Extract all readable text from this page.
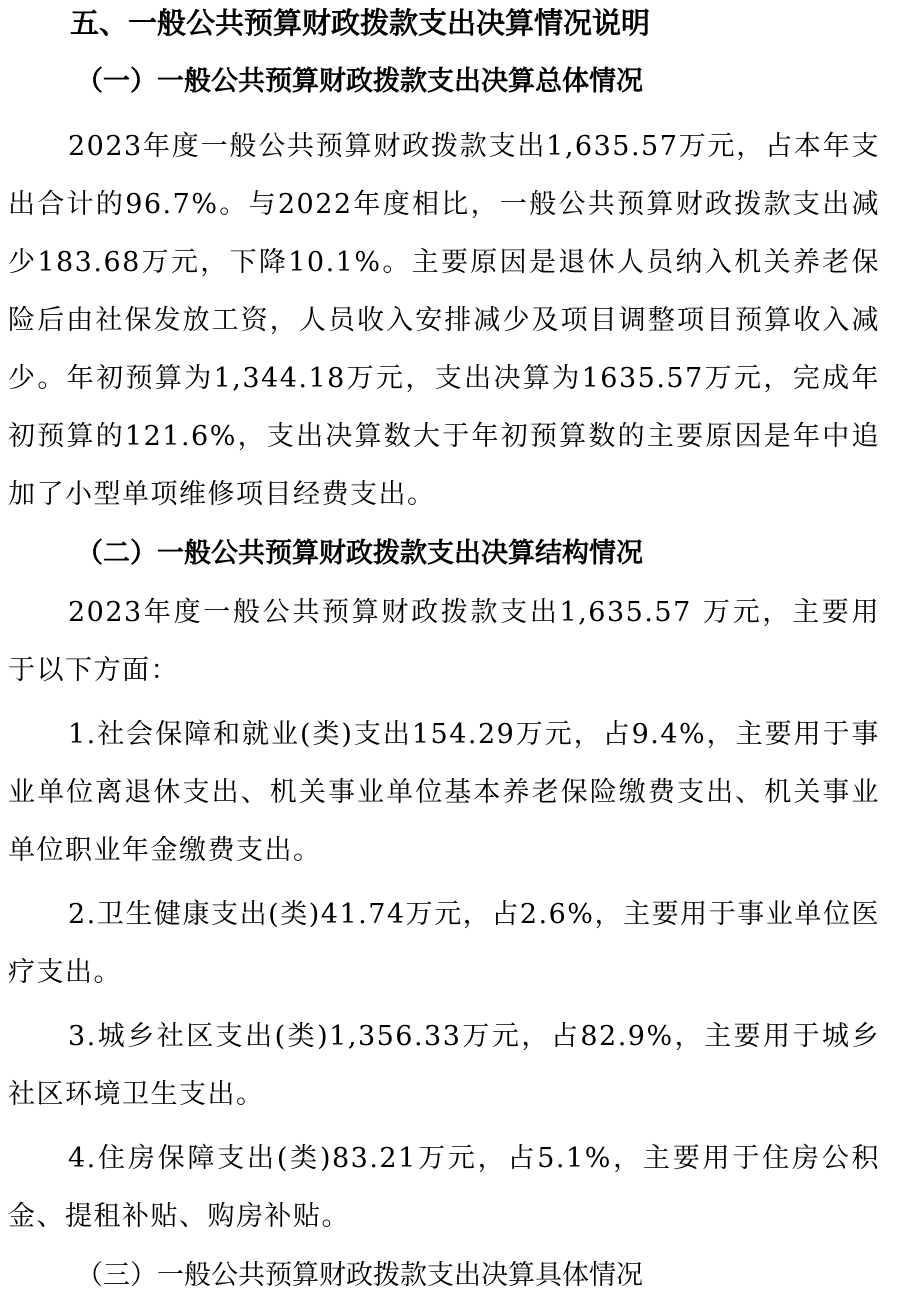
五、一般公共预算财政拨款支出决算情况说明
（一）一般公共预算财政拨款支出决算总体情况

2023年度一般公共预算财政拨款支出1,635.57万元，占本年支出合计的96.7%。与2022年度相比，一般公共预算财政拨款支出减少183.68万元，下降10.1%。主要原因是退休人员纳入机关养老保险后由社保发放工资，人员收入安排减少及项目调整项目预算收入减少。年初预算为1,344.18万元，支出决算为1635.57万元，完成年初预算的121.6%，支出决算数大于年初预算数的主要原因是年中追加了小型单项维修项目经费支出。

（二）一般公共预算财政拨款支出决算结构情况

2023年度一般公共预算财政拨款支出1,635.57 万元，主要用于以下方面：

1.社会保障和就业(类)支出154.29万元，占9.4%，主要用于事业单位离退休支出、机关事业单位基本养老保险缴费支出、机关事业单位职业年金缴费支出。

2.卫生健康支出(类)41.74万元，占2.6%，主要用于事业单位医疗支出。

3.城乡社区支出(类)1,356.33万元，占82.9%，主要用于城乡社区环境卫生支出。

4.住房保障支出(类)83.21万元，占5.1%，主要用于住房公积金、提租补贴、购房补贴。

（三）一般公共预算财政拨款支出决算具体情况
